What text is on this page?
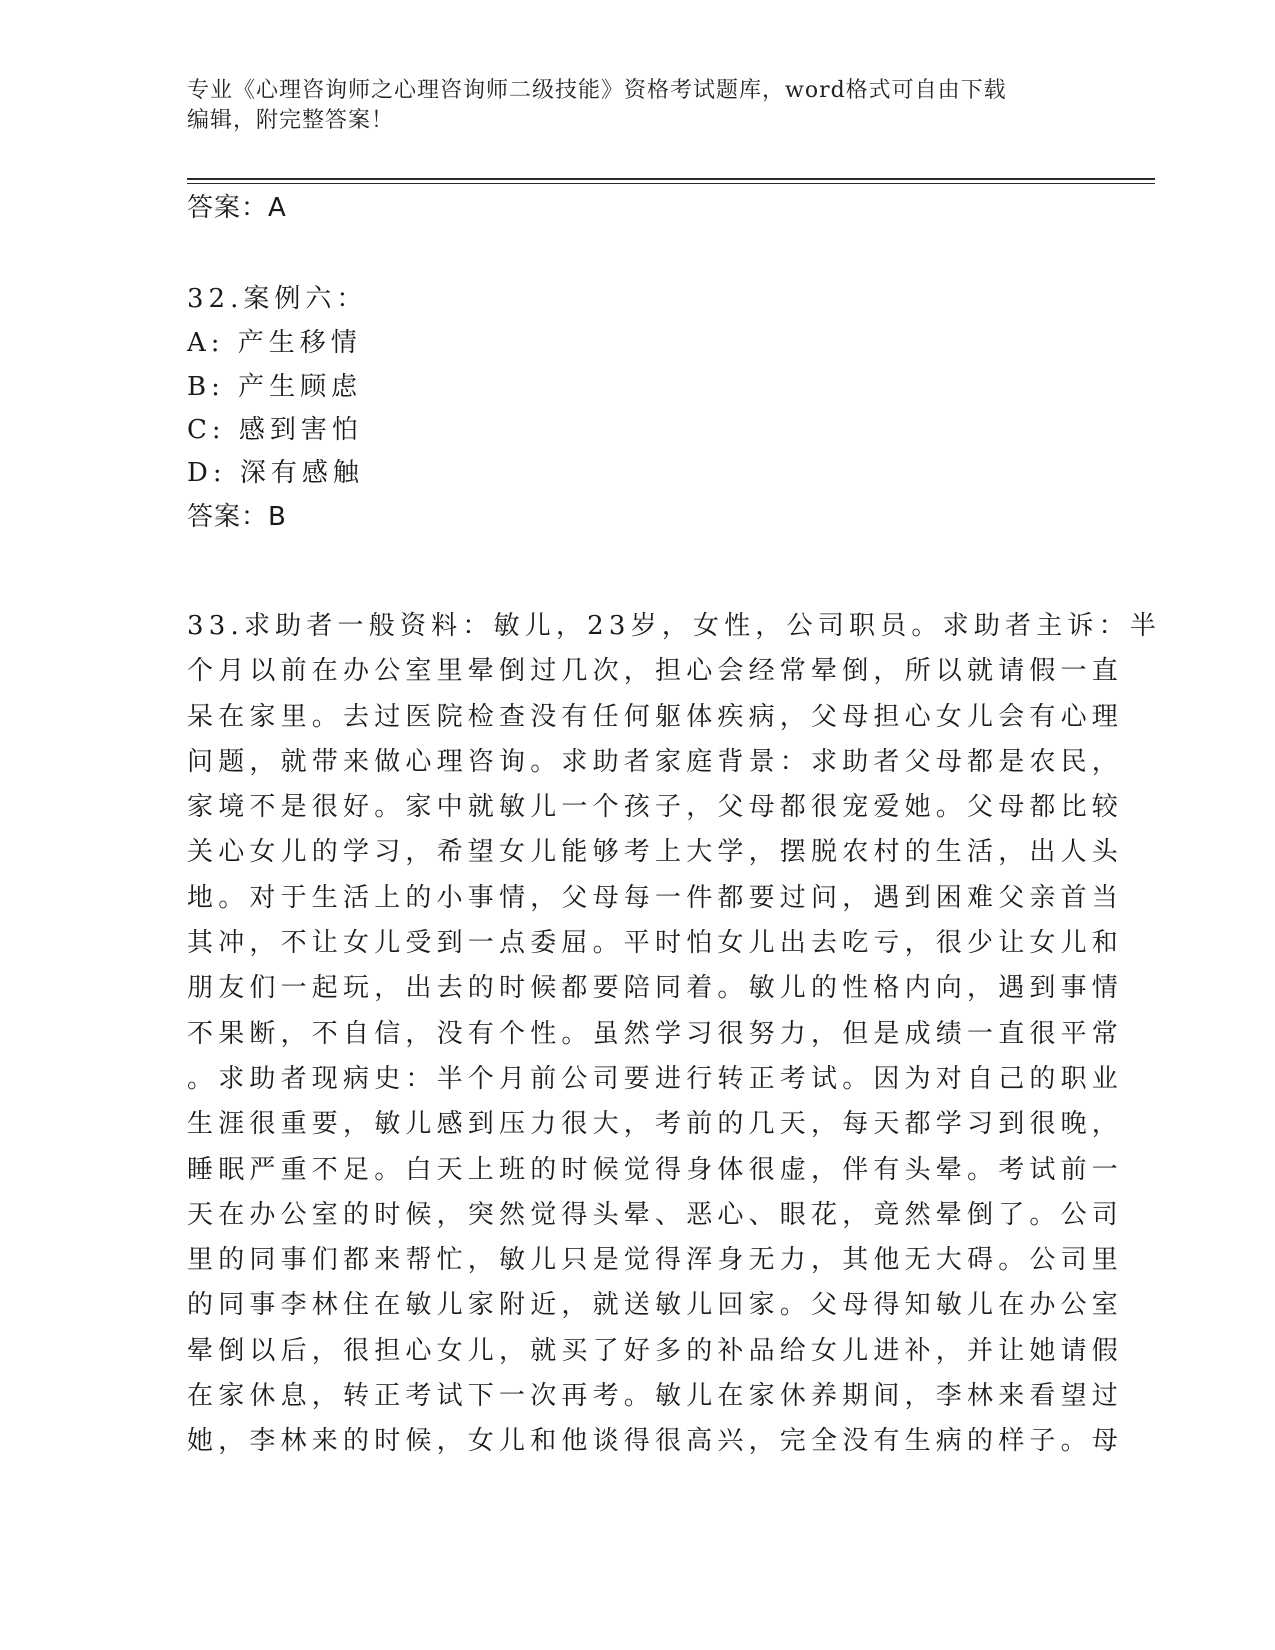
专业《心理咨询师之心理咨询师二级技能》资格考试题库，word格式可自由下载
编辑，附完整答案！
答案：A
32.案例六：
A: 产生移情
B: 产生顾虑
C: 感到害怕
D: 深有感触
答案：B
33.求助者一般资料：敏儿，23岁，女性，公司职员。求助者主诉：半
个月以前在办公室里晕倒过几次，担心会经常晕倒，所以就请假一直
呆在家里。去过医院检查没有任何躯体疾病，父母担心女儿会有心理
问题，就带来做心理咨询。求助者家庭背景：求助者父母都是农民，
家境不是很好。家中就敏儿一个孩子，父母都很宠爱她。父母都比较
关心女儿的学习，希望女儿能够考上大学，摆脱农村的生活，出人头
地。对于生活上的小事情，父母每一件都要过问，遇到困难父亲首当
其冲，不让女儿受到一点委屈。平时怕女儿出去吃亏，很少让女儿和
朋友们一起玩，出去的时候都要陪同着。敏儿的性格内向，遇到事情
不果断，不自信，没有个性。虽然学习很努力，但是成绩一直很平常
。求助者现病史：半个月前公司要进行转正考试。因为对自己的职业
生涯很重要，敏儿感到压力很大，考前的几天，每天都学习到很晚，
睡眠严重不足。白天上班的时候觉得身体很虚，伴有头晕。考试前一
天在办公室的时候，突然觉得头晕、恶心、眼花，竟然晕倒了。公司
里的同事们都来帮忙，敏儿只是觉得浑身无力，其他无大碍。公司里
的同事李林住在敏儿家附近，就送敏儿回家。父母得知敏儿在办公室
晕倒以后，很担心女儿，就买了好多的补品给女儿进补，并让她请假
在家休息，转正考试下一次再考。敏儿在家休养期间，李林来看望过
她，李林来的时候，女儿和他谈得很高兴，完全没有生病的样子。母
